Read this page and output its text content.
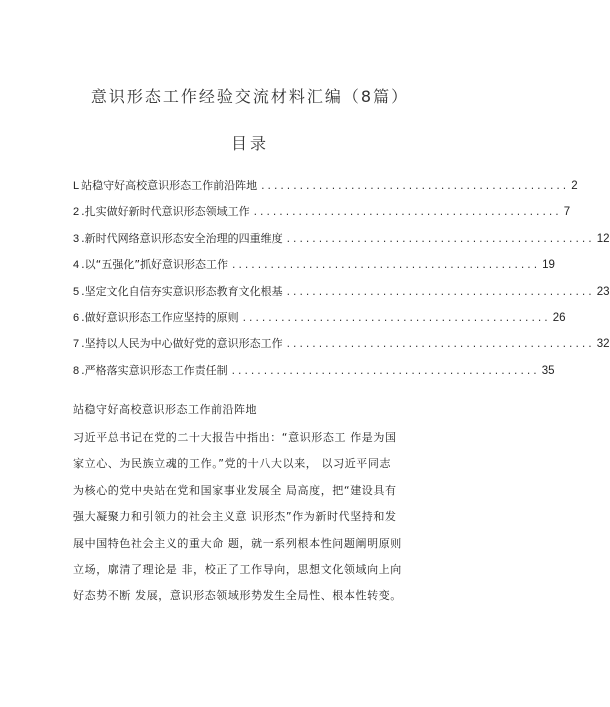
意识形态工作经验交流材料汇编（8篇）
目录
L 站稳守好高校意识形态工作前沿阵地 ................................................ 2
2 .扎实做好新时代意识形态领域工作 ................................................ 7
3 .新时代网络意识形态安全治理的四重维度 ................................................ 12
4 .以“五强化”抓好意识形态工作 ................................................ 19
5 .坚定文化自信夯实意识形态教育文化根基 ................................................ 23
6 .做好意识形态工作应坚持的原则 ................................................ 26
7 .坚持以人民为中心做好党的意识形态工作 ................................................ 32
8 .严格落实意识形态工作责任制 ................................................ 35
站稳守好高校意识形态工作前沿阵地
习近平总书记在党的二十大报告中指出：“意识形态工 作是为国
家立心、为民族立魂的工作。”党的十八大以来， 以习近平同志
为核心的党中央站在党和国家事业发展全 局高度，把“建设具有
强大凝聚力和引领力的社会主义意 识形杰”作为新时代坚持和发
展中国特色社会主义的重大命 题，就一系列根本性问题阐明原则
立场，廓清了理论是 非，校正了工作导向，思想文化领域向上向
好态势不断 发展，意识形态领域形势发生全局性、根本性转变。
